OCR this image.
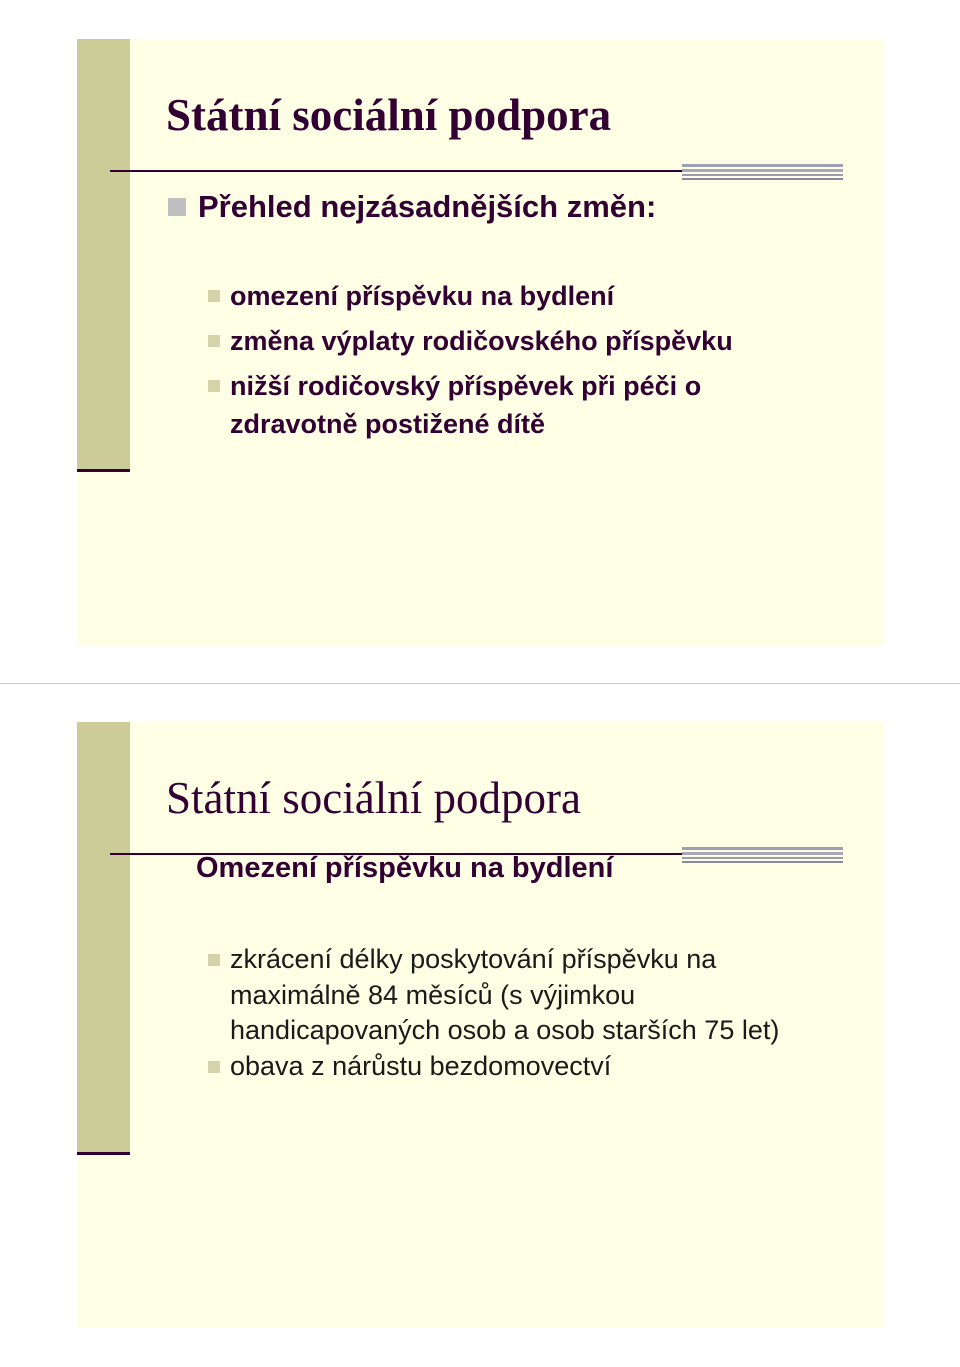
Státní sociální podpora
Přehled nejzásadnějších změn:
omezení příspěvku na bydlení
změna výplaty rodičovského příspěvku
nižší rodičovský příspěvek při péči o zdravotně postižené dítě
Státní sociální podpora
Omezení příspěvku na bydlení
zkrácení délky poskytování příspěvku na maximálně 84 měsíců (s výjimkou handicapovaných osob a osob starších 75 let)
obava z nárůstu bezdomovectví
